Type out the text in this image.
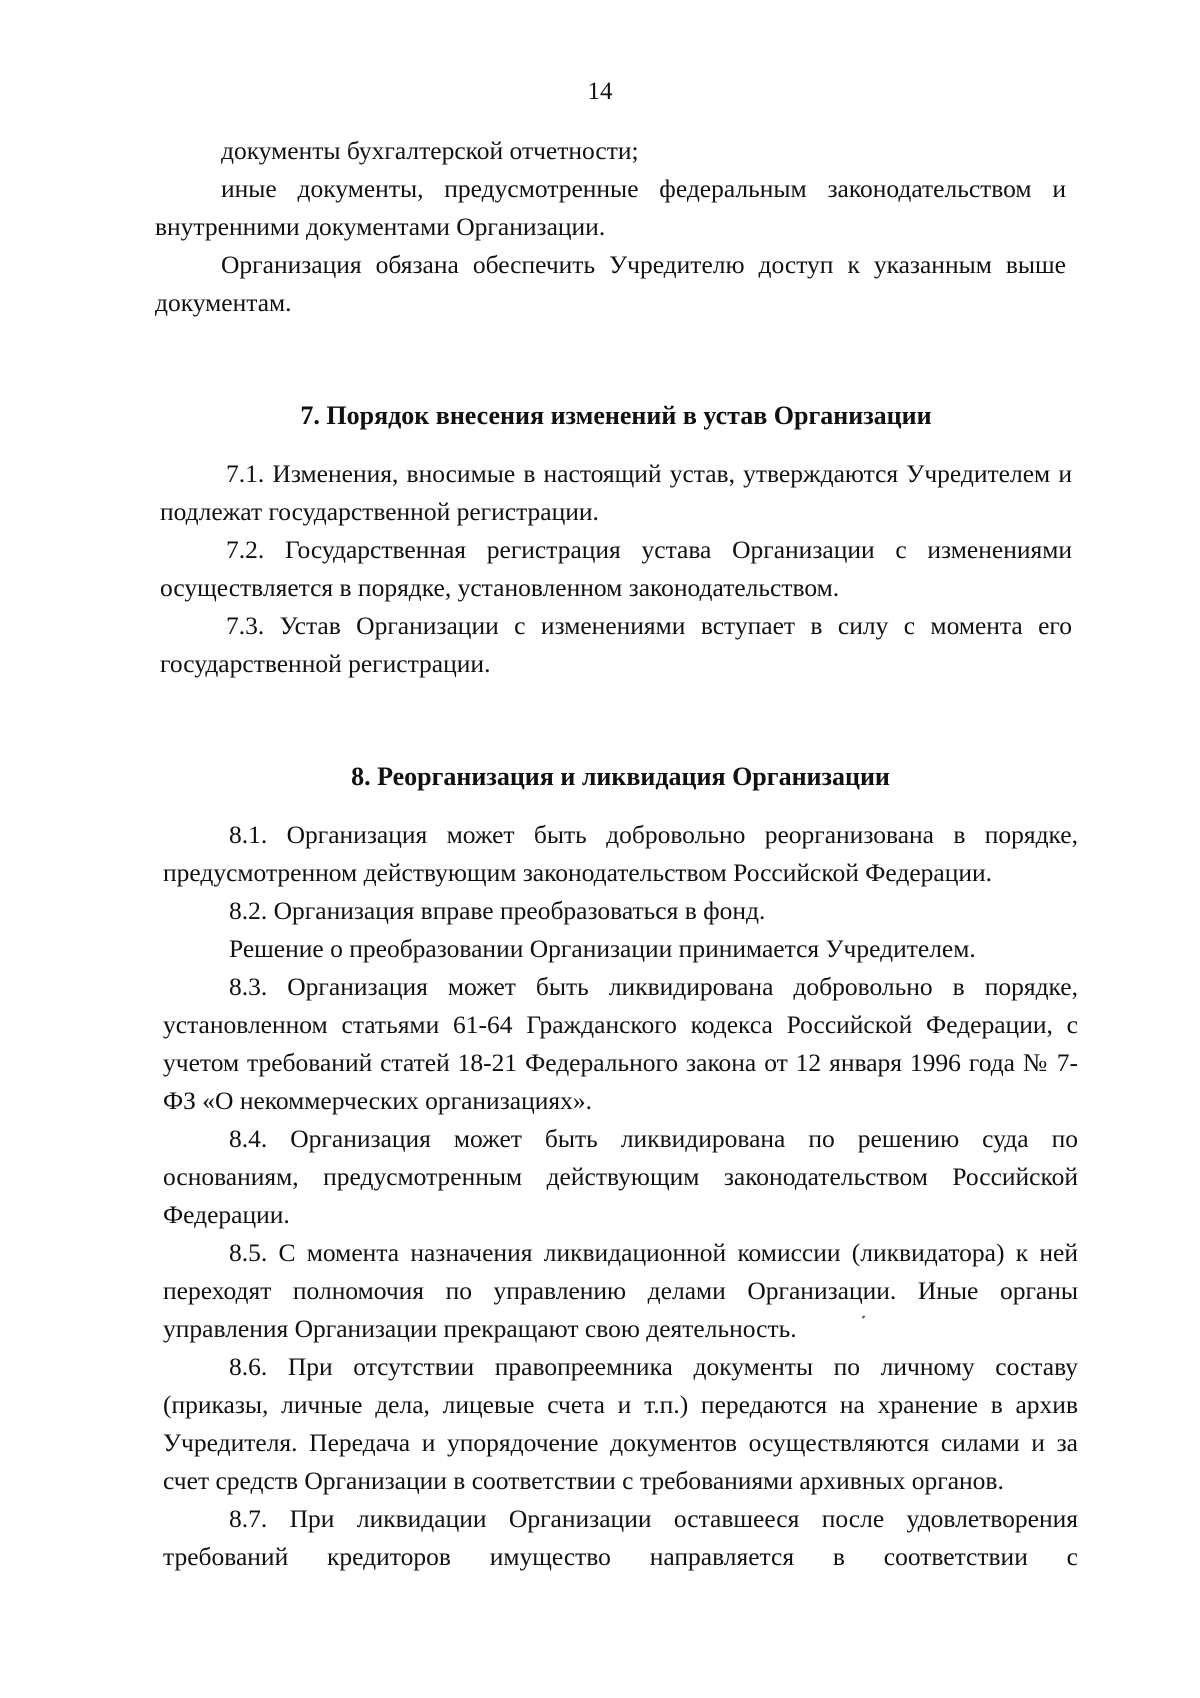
14

документы бухгалтерской отчетности;

иные документы, предусмотренные федеральным законодательством и внутренними документами Организации.

Организация обязана обеспечить Учредителю доступ к указанным выше документам.

7. Порядок внесения изменений в устав Организации

7.1. Изменения, вносимые в настоящий устав, утверждаются Учредителем и подлежат государственной регистрации.

7.2. Государственная регистрация устава Организации с изменениями осуществляется в порядке, установленном законодательством.

7.3. Устав Организации с изменениями вступает в силу с момента его государственной регистрации.

8. Реорганизация и ликвидация Организации

8.1. Организация может быть добровольно реорганизована в порядке, предусмотренном действующим законодательством Российской Федерации.

8.2. Организация вправе преобразоваться в фонд.

Решение о преобразовании Организации принимается Учредителем.

8.3. Организация может быть ликвидирована добровольно в порядке, установленном статьями 61-64 Гражданского кодекса Российской Федерации, с учетом требований статей 18-21 Федерального закона от 12 января 1996 года № 7-ФЗ «О некоммерческих организациях».

8.4. Организация может быть ликвидирована по решению суда по основаниям, предусмотренным действующим законодательством Российской Федерации.

8.5. С момента назначения ликвидационной комиссии (ликвидатора) к ней переходят полномочия по управлению делами Организации. Иные органы управления Организации прекращают свою деятельность.

8.6. При отсутствии правопреемника документы по личному составу (приказы, личные дела, лицевые счета и т.п.) передаются на хранение в архив Учредителя. Передача и упорядочение документов осуществляются силами и за счет средств Организации в соответствии с требованиями архивных органов.

8.7. При ликвидации Организации оставшееся после удовлетворения требований кредиторов имущество направляется в соответствии с
